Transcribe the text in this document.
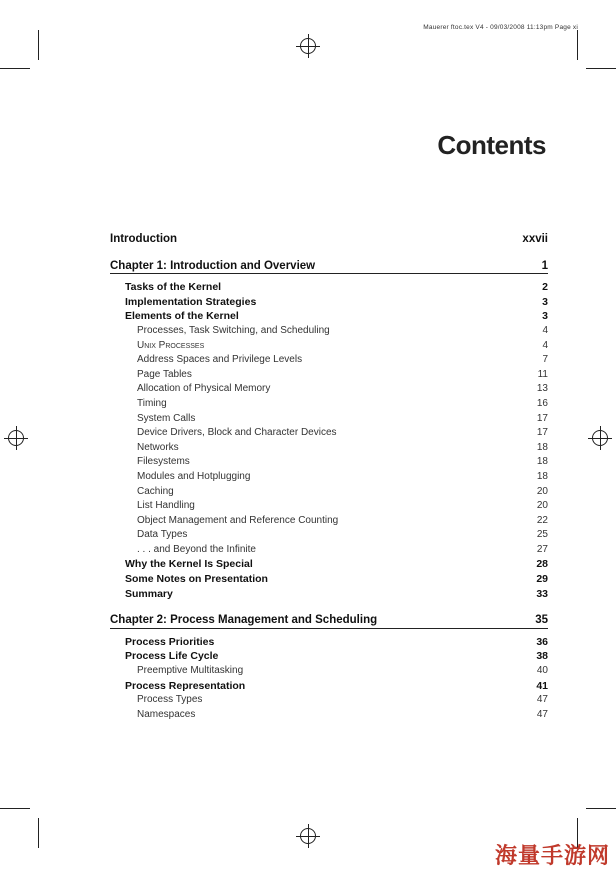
Mauerer ftoc.tex V4 - 09/03/2008 11:13pm Page xi
Contents
Introduction	xxvii
Chapter 1: Introduction and Overview	1
Tasks of the Kernel	2
Implementation Strategies	3
Elements of the Kernel	3
Processes, Task Switching, and Scheduling	4
Unix Processes	4
Address Spaces and Privilege Levels	7
Page Tables	11
Allocation of Physical Memory	13
Timing	16
System Calls	17
Device Drivers, Block and Character Devices	17
Networks	18
Filesystems	18
Modules and Hotplugging	18
Caching	20
List Handling	20
Object Management and Reference Counting	22
Data Types	25
. . . and Beyond the Infinite	27
Why the Kernel Is Special	28
Some Notes on Presentation	29
Summary	33
Chapter 2: Process Management and Scheduling	35
Process Priorities	36
Process Life Cycle	38
Preemptive Multitasking	40
Process Representation	41
Process Types	47
Namespaces	47
海量手游网
